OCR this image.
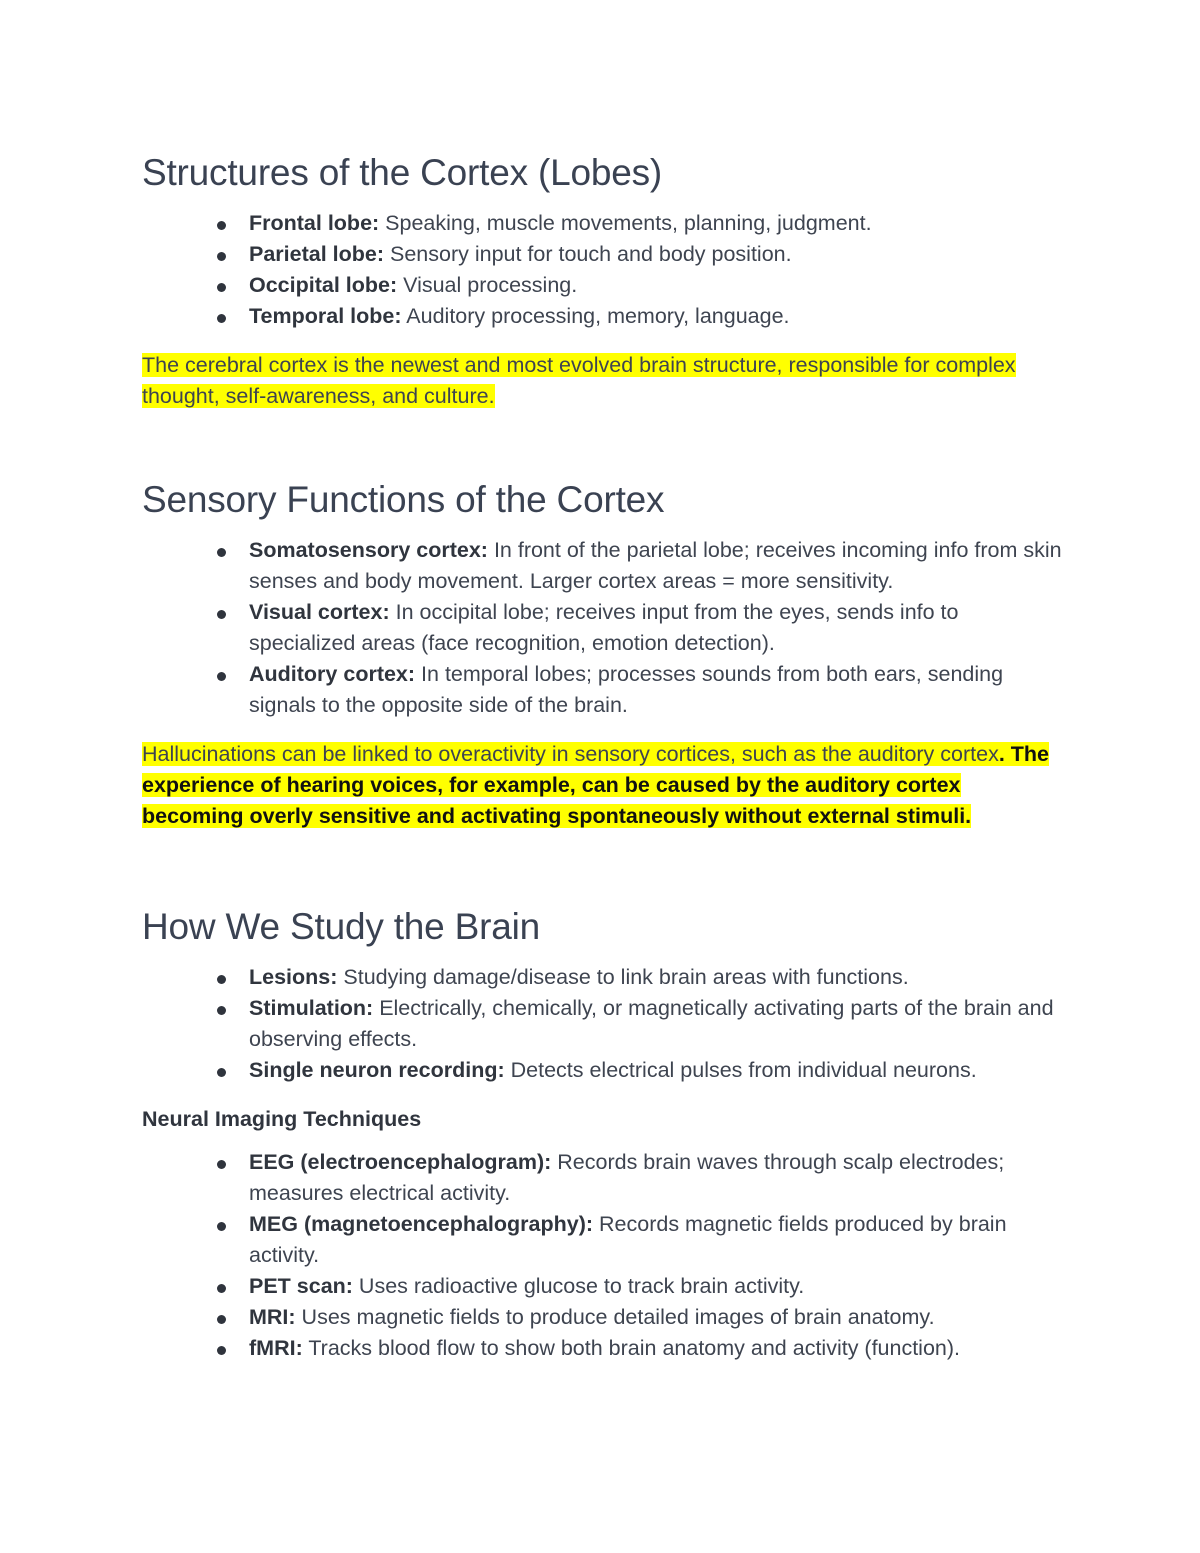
Structures of the Cortex (Lobes)
Frontal lobe: Speaking, muscle movements, planning, judgment.
Parietal lobe: Sensory input for touch and body position.
Occipital lobe: Visual processing.
Temporal lobe: Auditory processing, memory, language.

The cerebral cortex is the newest and most evolved brain structure, responsible for complex thought, self-awareness, and culture.

Sensory Functions of the Cortex
Somatosensory cortex: In front of the parietal lobe; receives incoming info from skin senses and body movement. Larger cortex areas = more sensitivity.
Visual cortex: In occipital lobe; receives input from the eyes, sends info to specialized areas (face recognition, emotion detection).
Auditory cortex: In temporal lobes; processes sounds from both ears, sending signals to the opposite side of the brain.

Hallucinations can be linked to overactivity in sensory cortices, such as the auditory cortex. The experience of hearing voices, for example, can be caused by the auditory cortex becoming overly sensitive and activating spontaneously without external stimuli.

How We Study the Brain
Lesions: Studying damage/disease to link brain areas with functions.
Stimulation: Electrically, chemically, or magnetically activating parts of the brain and observing effects.
Single neuron recording: Detects electrical pulses from individual neurons.
Neural Imaging Techniques
EEG (electroencephalogram): Records brain waves through scalp electrodes; measures electrical activity.
MEG (magnetoencephalography): Records magnetic fields produced by brain activity.
PET scan: Uses radioactive glucose to track brain activity.
MRI: Uses magnetic fields to produce detailed images of brain anatomy.
fMRI: Tracks blood flow to show both brain anatomy and activity (function).
